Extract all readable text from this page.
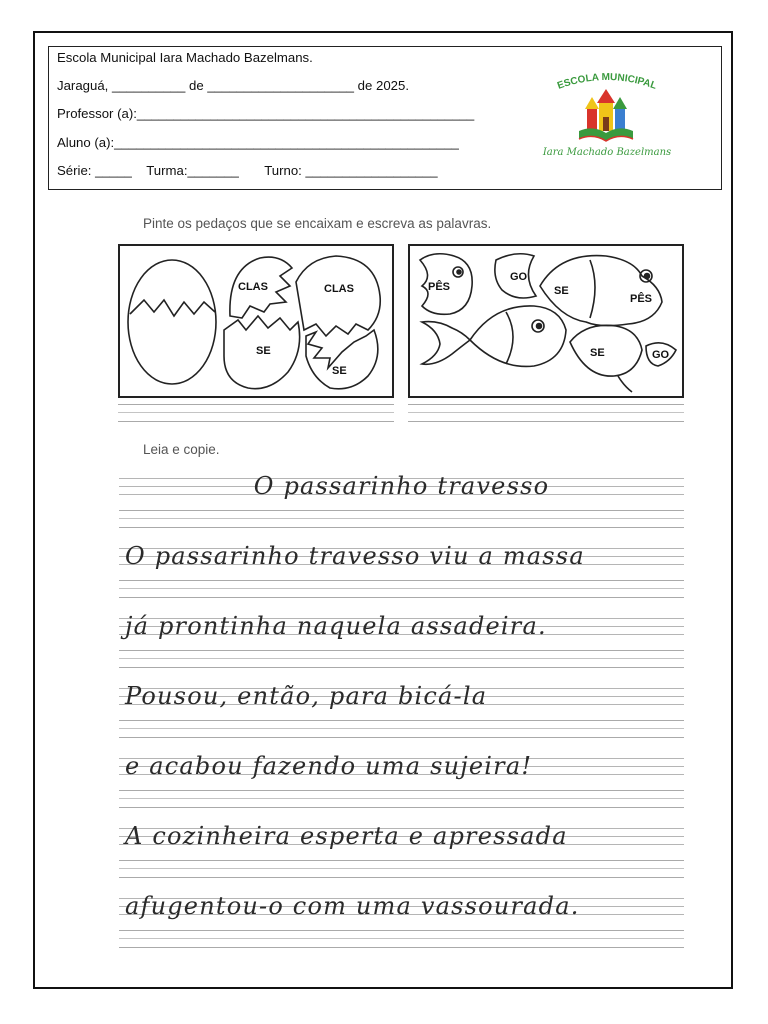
Escola Municipal Iara Machado Bazelmans.
Jaraguá, __________ de ____________________ de 2025.
Professor (a):______________________________________________
Aluno (a):_______________________________________________
Série: _____    Turma:_______       Turno: __________________
ESCOLA MUNICIPAL
Iara Machado Bazelmans
Pinte os pedaços que se encaixam e escreva as palavras.
CLAS	CLAS
SE
SE
PÊS
GO
SE
PÊS
SE	GO
Leia e copie.
O passarinho travesso
O passarinho travesso viu a massa
já prontinha naquela assadeira.
Pousou, então, para bicá-la
e acabou fazendo uma sujeira!
A cozinheira esperta e apressada
afugentou-o com uma vassourada.
